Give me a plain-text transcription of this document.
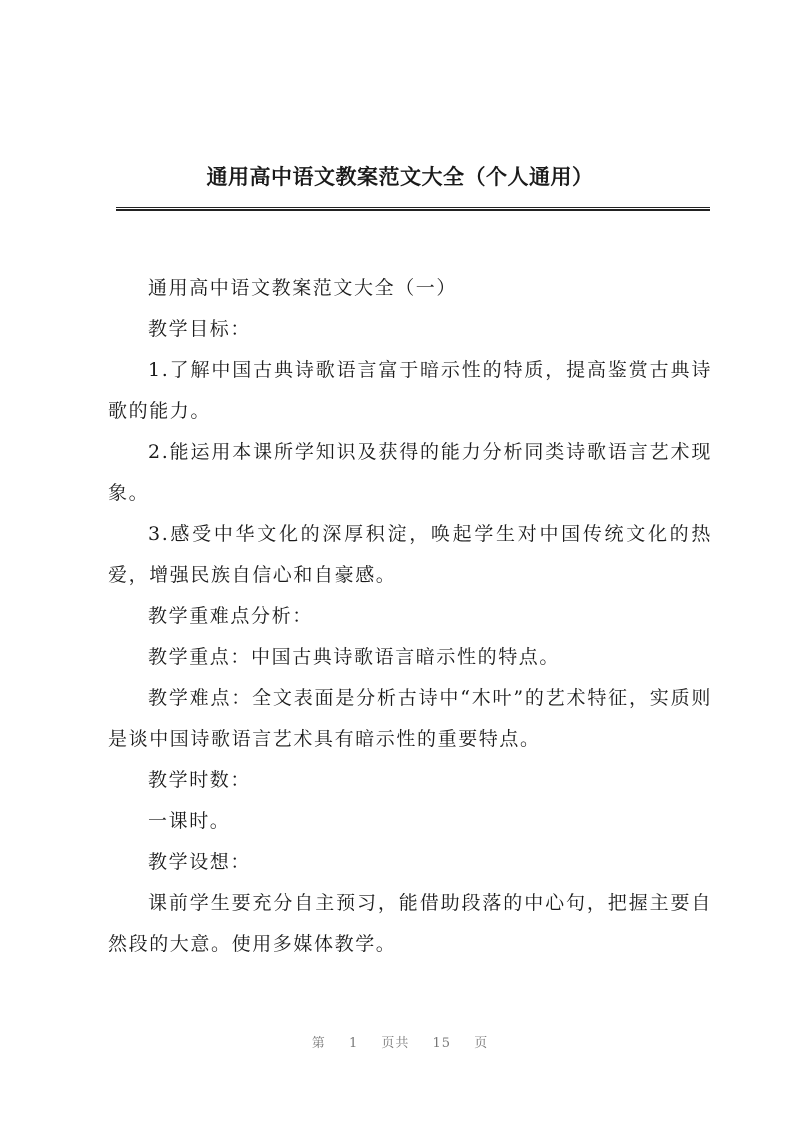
通用高中语文教案范文大全（个人通用）

通用高中语文教案范文大全（一）

教学目标：

1.了解中国古典诗歌语言富于暗示性的特质，提高鉴赏古典诗歌的能力。

2.能运用本课所学知识及获得的能力分析同类诗歌语言艺术现象。

3.感受中华文化的深厚积淀，唤起学生对中国传统文化的热爱，增强民族自信心和自豪感。

教学重难点分析：

教学重点：中国古典诗歌语言暗示性的特点。

教学难点：全文表面是分析古诗中“木叶”的艺术特征，实质则是谈中国诗歌语言艺术具有暗示性的重要特点。

教学时数：

一课时。

教学设想：

课前学生要充分自主预习，能借助段落的中心句，把握主要自然段的大意。使用多媒体教学。

第 1 页共 15 页
